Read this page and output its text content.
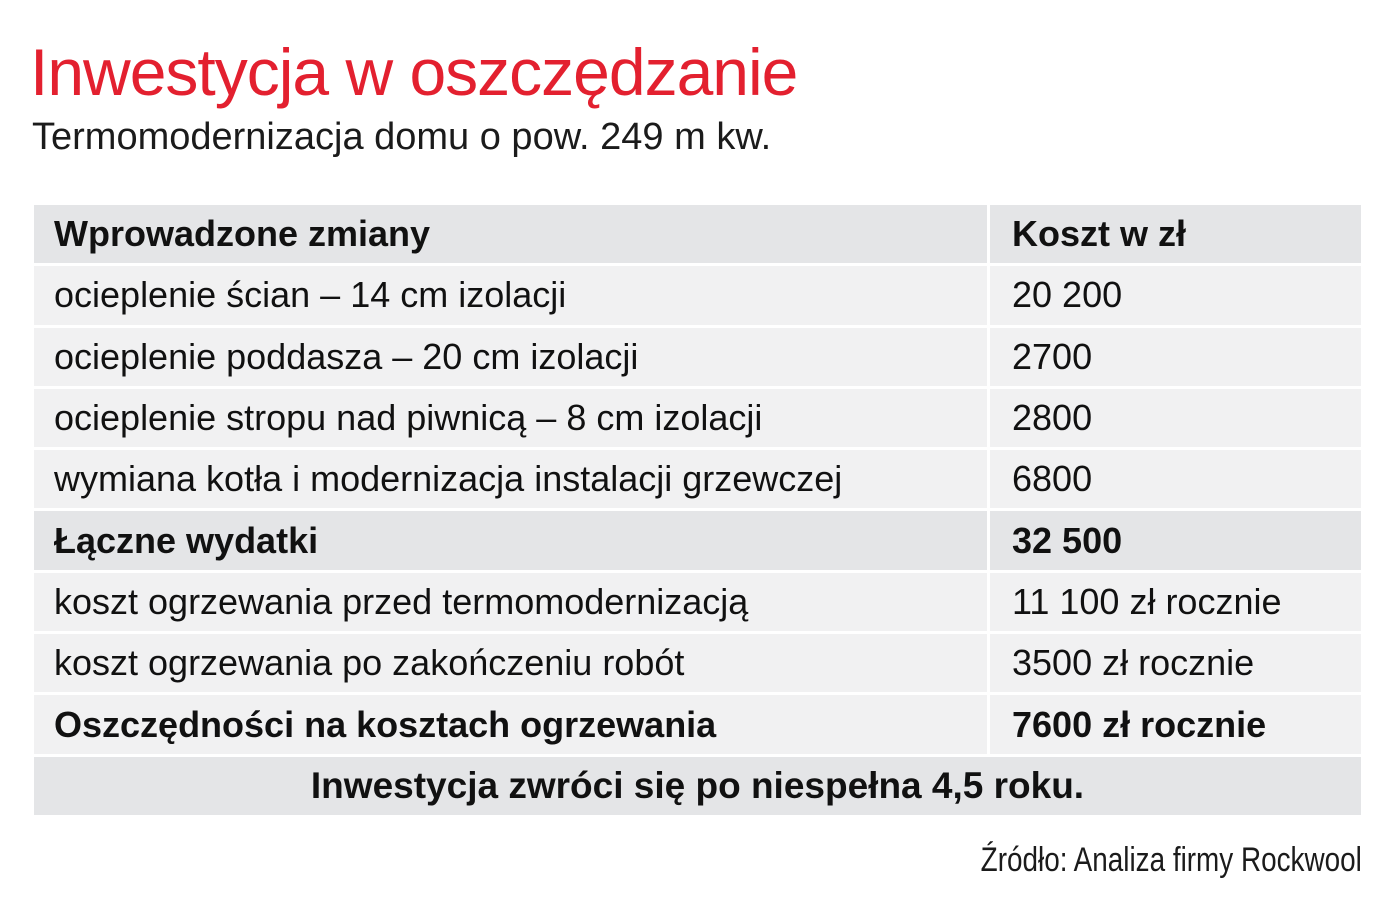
Inwestycja w oszczędzanie
Termomodernizacja domu o pow. 249 m kw.
Wprowadzone zmiany	Koszt w zł
ocieplenie ścian – 14 cm izolacji	20 200
ocieplenie poddasza – 20 cm izolacji	2700
ocieplenie stropu nad piwnicą – 8 cm izolacji	2800
wymiana kotła i modernizacja instalacji grzewczej	6800
Łączne wydatki	32 500
koszt ogrzewania przed termomodernizacją	11 100 zł rocznie
koszt ogrzewania po zakończeniu robót	3500 zł rocznie
Oszczędności na kosztach ogrzewania	7600 zł rocznie
Inwestycja zwróci się po niespełna 4,5 roku.
Źródło: Analiza firmy Rockwool
